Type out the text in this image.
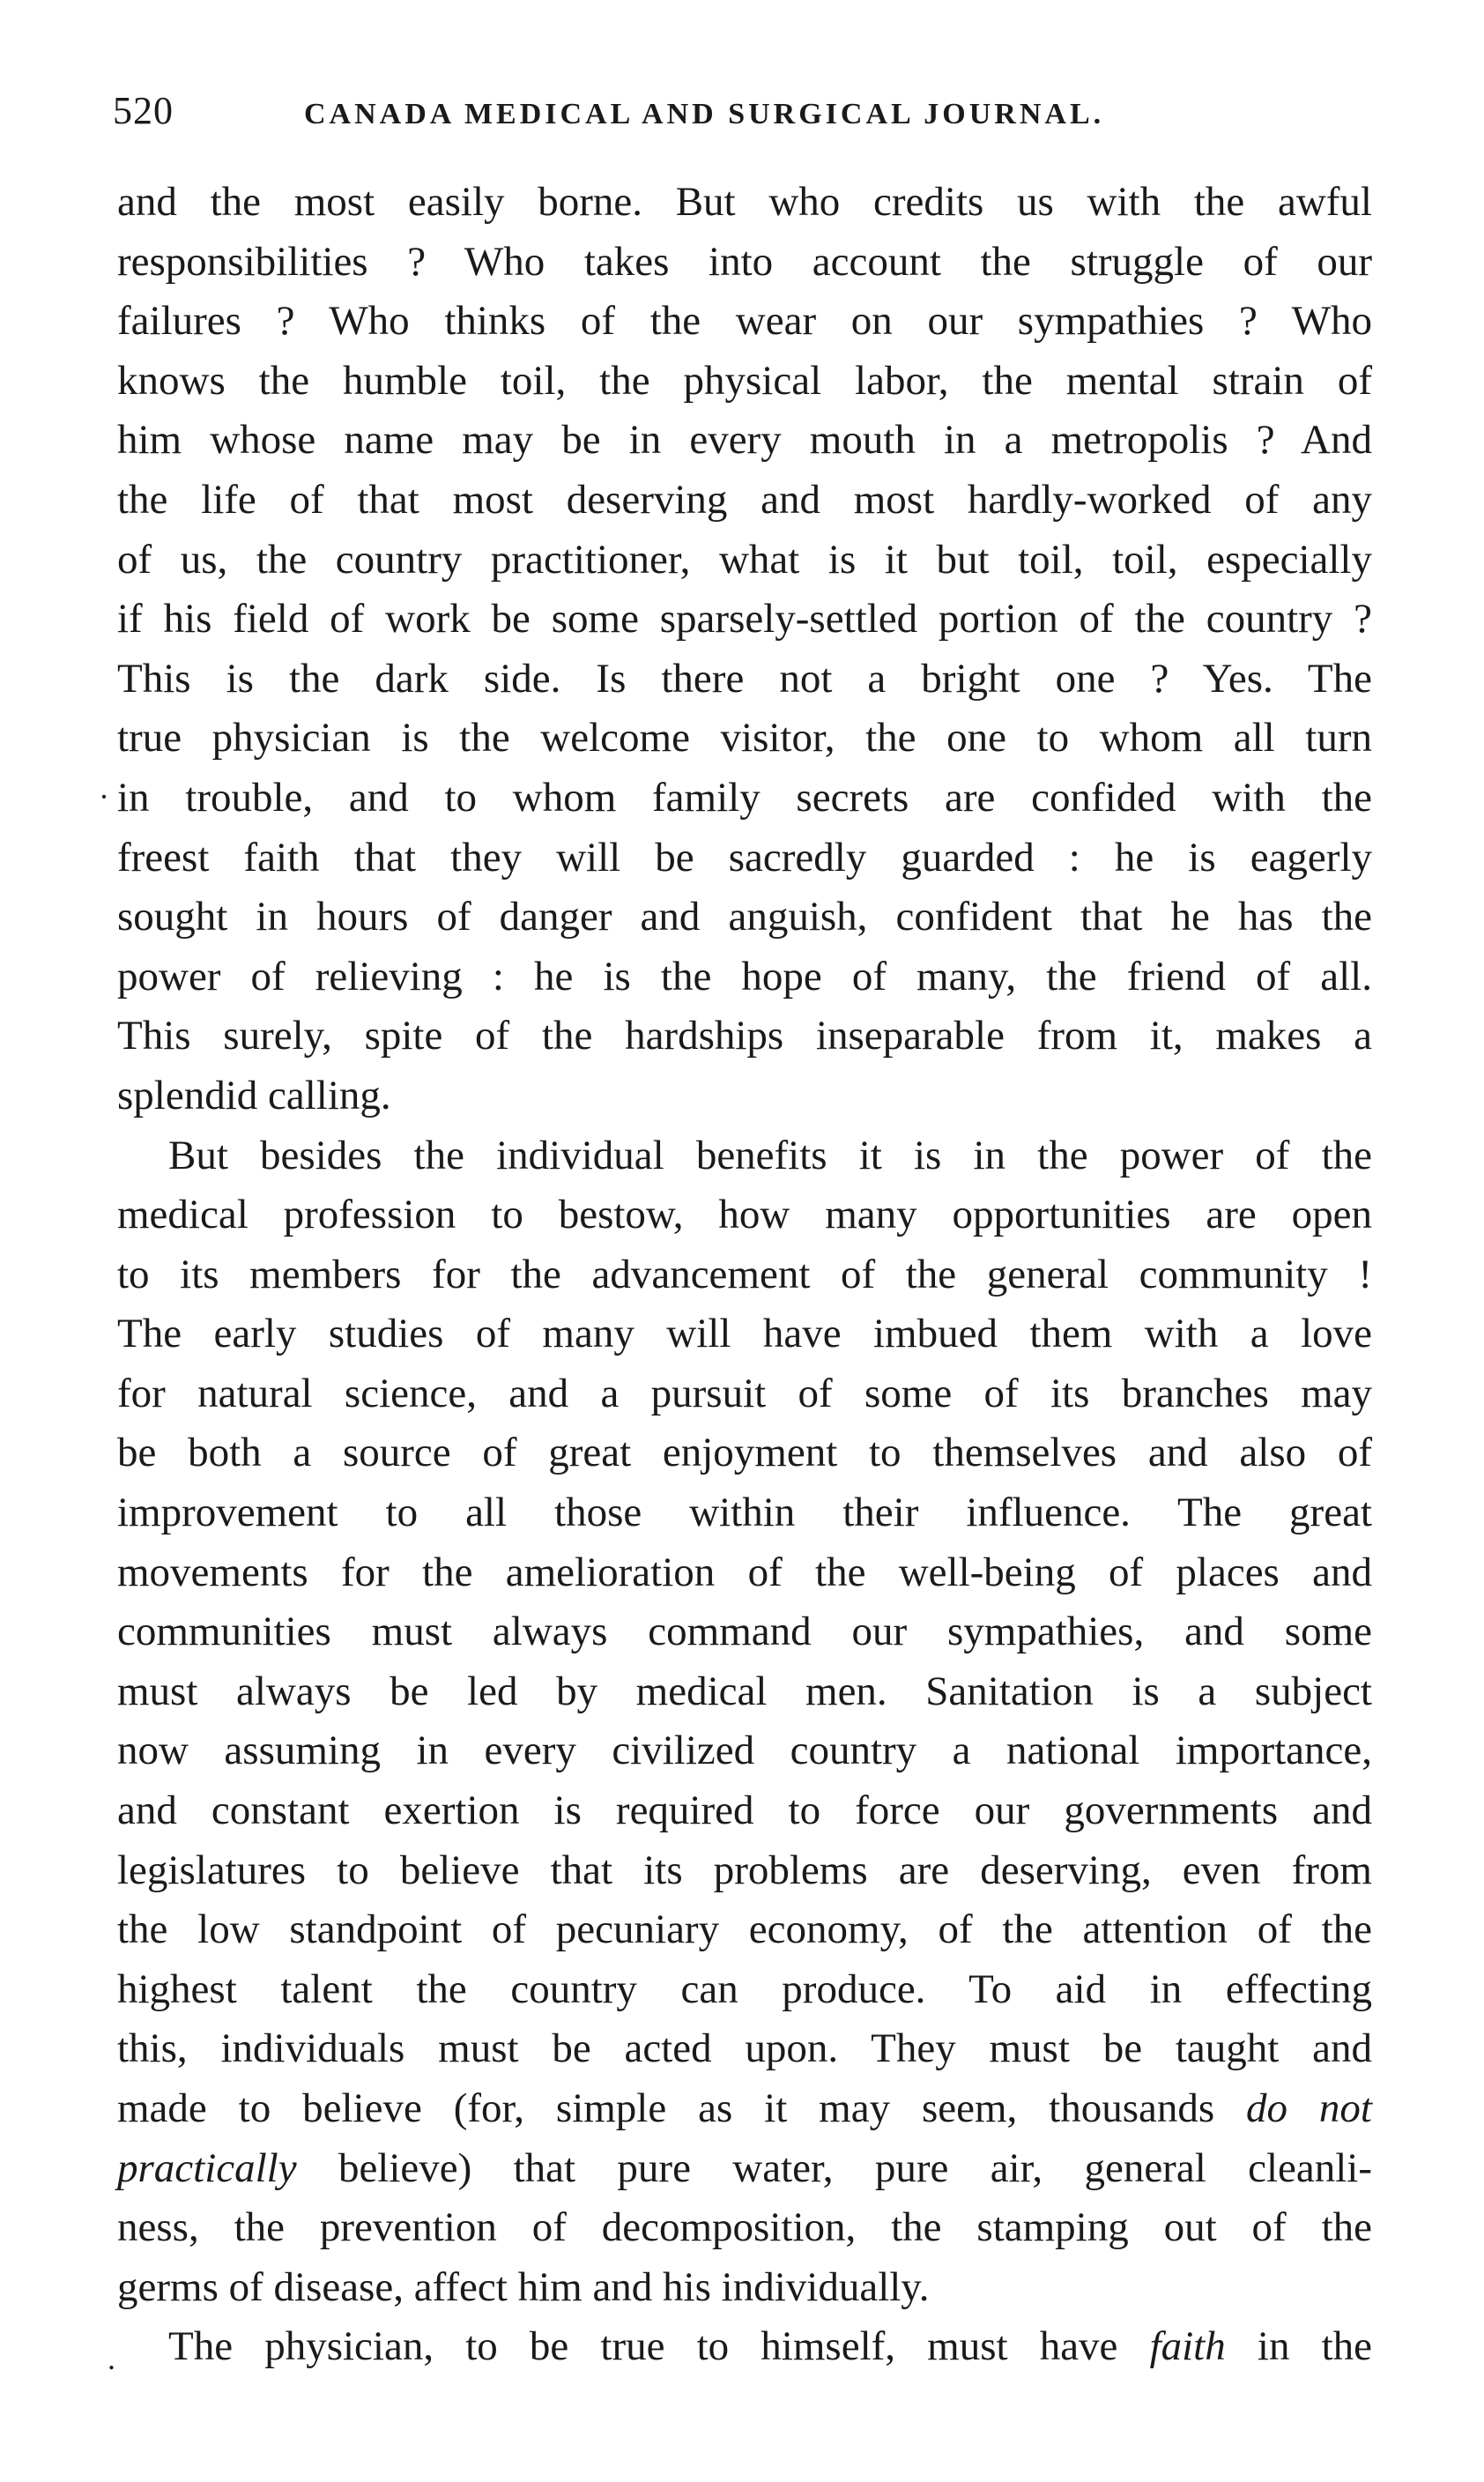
520	CANADA MEDICAL AND SURGICAL JOURNAL.
·
.
and the most easily borne. But who credits us with the awful
responsibilities ? Who takes into account the struggle of our
failures ? Who thinks of the wear on our sympathies ? Who
knows the humble toil, the physical labor, the mental strain of
him whose name may be in every mouth in a metropolis ? And
the life of that most deserving and most hardly-worked of any
of us, the country practitioner, what is it but toil, toil, especially
if his field of work be some sparsely-settled portion of the country ?
This is the dark side. Is there not a bright one ? Yes. The
true physician is the welcome visitor, the one to whom all turn
in trouble, and to whom family secrets are confided with the
freest faith that they will be sacredly guarded : he is eagerly
sought in hours of danger and anguish, confident that he has the
power of relieving : he is the hope of many, the friend of all.
This surely, spite of the hardships inseparable from it, makes a
splendid calling.
But besides the individual benefits it is in the power of the
medical profession to bestow, how many opportunities are open
to its members for the advancement of the general community !
The early studies of many will have imbued them with a love
for natural science, and a pursuit of some of its branches may
be both a source of great enjoyment to themselves and also of
improvement to all those within their influence. The great
movements for the amelioration of the well-being of places and
communities must always command our sympathies, and some
must always be led by medical men. Sanitation is a subject
now assuming in every civilized country a national importance,
and constant exertion is required to force our governments and
legislatures to believe that its problems are deserving, even from
the low standpoint of pecuniary economy, of the attention of the
highest talent the country can produce. To aid in effecting
this, individuals must be acted upon. They must be taught and
made to believe (for, simple as it may seem, thousands do not
practically believe) that pure water, pure air, general cleanli-
ness, the prevention of decomposition, the stamping out of the
germs of disease, affect him and his individually.
The physician, to be true to himself, must have faith in the
